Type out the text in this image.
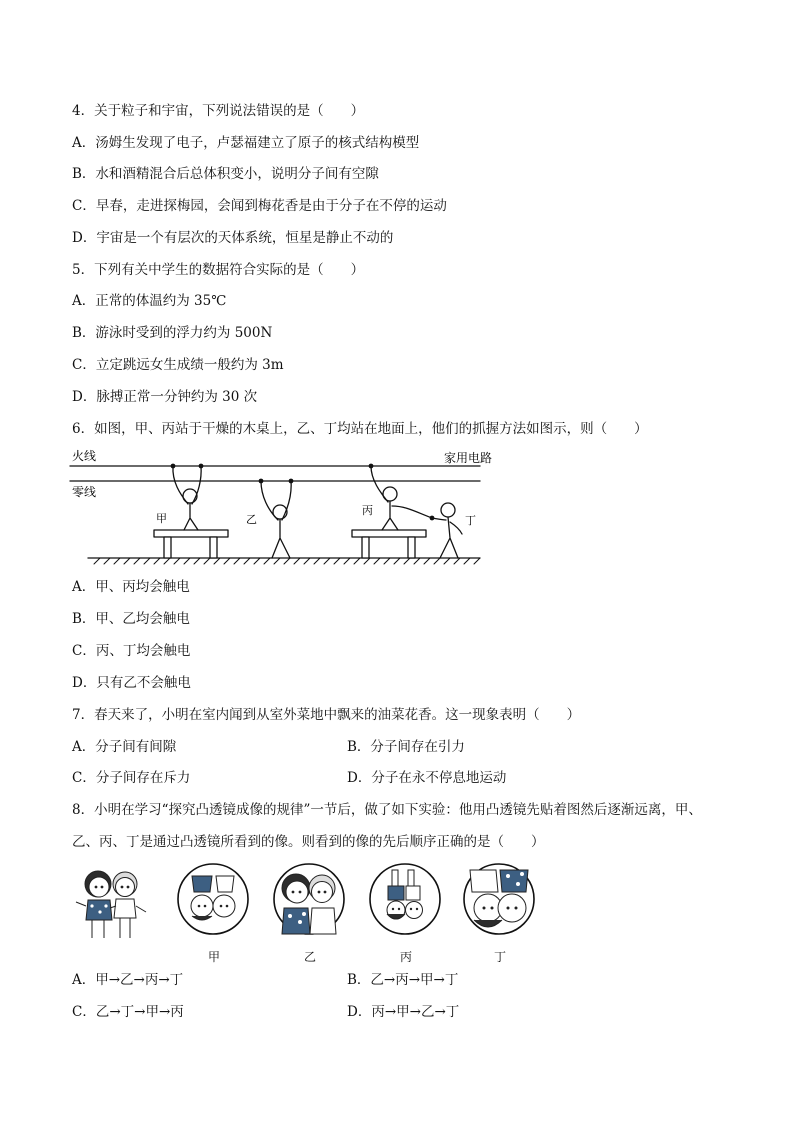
4．关于粒子和宇宙，下列说法错误的是（　　）
A．汤姆生发现了电子，卢瑟福建立了原子的核式结构模型
B．水和酒精混合后总体积变小，说明分子间有空隙
C．早春，走进探梅园，会闻到梅花香是由于分子在不停的运动
D．宇宙是一个有层次的天体系统，恒星是静止不动的
5．下列有关中学生的数据符合实际的是（　　）
A．正常的体温约为 35℃
B．游泳时受到的浮力约为 500N
C．立定跳远女生成绩一般约为 3m
D．脉搏正常一分钟约为 30 次
6．如图，甲、丙站于干燥的木桌上，乙、丁均站在地面上，他们的抓握方法如图示，则（　　）
火线
零线
家用电路
甲	乙
丙
丁
A．甲、丙均会触电
B．甲、乙均会触电
C．丙、丁均会触电
D．只有乙不会触电
7．春天来了，小明在室内闻到从室外菜地中飘来的油菜花香。这一现象表明（　　）
A．分子间有间隙	B．分子间存在引力
C．分子间存在斥力	D．分子在永不停息地运动
8．小明在学习“探究凸透镜成像的规律”一节后，做了如下实验：他用凸透镜先贴着图然后逐渐远离，甲、
乙、丙、丁是通过凸透镜所看到的像。则看到的像的先后顺序正确的是（　　）
甲	乙	丙	丁
A．甲→乙→丙→丁	B．乙→丙→甲→丁
C．乙→丁→甲→丙	D．丙→甲→乙→丁
